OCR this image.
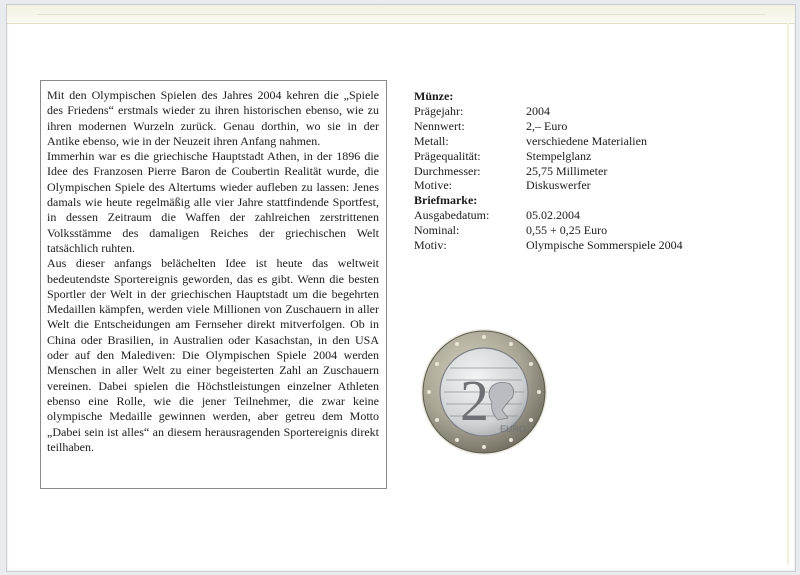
Mit den Olympischen Spielen des Jahres 2004 kehren die „Spiele des Friedens“ erstmals wieder zu ihren historischen ebenso, wie zu ihren modernen Wurzeln zurück. Genau dorthin, wo sie in der Antike ebenso, wie in der Neuzeit ihren Anfang nahmen.

Immerhin war es die griechische Hauptstadt Athen, in der 1896 die Idee des Franzosen Pierre Baron de Coubertin Realität wurde, die Olympischen Spiele des Altertums wieder aufleben zu lassen: Jenes damals wie heute regelmäßig alle vier Jahre stattfindende Sportfest, in dessen Zeitraum die Waffen der zahlreichen zerstrittenen Volksstämme des damaligen Reiches der griechischen Welt tatsächlich ruhten.

Aus dieser anfangs belächelten Idee ist heute das weltweit bedeutendste Sportereignis geworden, das es gibt. Wenn die besten Sportler der Welt in der griechischen Hauptstadt um die begehrten Medaillen kämpfen, werden viele Millionen von Zuschauern in aller Welt die Entscheidungen am Fernseher direkt mitverfolgen. Ob in China oder Brasilien, in Australien oder Kasachstan, in den USA oder auf den Malediven: Die Olympischen Spiele 2004 werden Menschen in aller Welt zu einer begeisterten Zahl an Zuschauern vereinen. Dabei spielen die Höchstleistungen einzelner Athleten ebenso eine Rolle, wie die jener Teilnehmer, die zwar keine olympische Medaille gewinnen werden, aber getreu dem Motto „Dabei sein ist alles“ an diesem herausragenden Sportereignis direkt teilhaben.

Münze:
Prägejahr:	2004
Nennwert:	2,– Euro
Metall:	verschiedene Materialien
Prägequalität:	Stempelglanz
Durchmesser:	25,75 Millimeter
Motive:	Diskuswerfer
Briefmarke:
Ausgabedatum:	05.02.2004
Nominal:	0,55 + 0,25 Euro
Motiv:	Olympische Sommerspiele 2004
2 EURO
